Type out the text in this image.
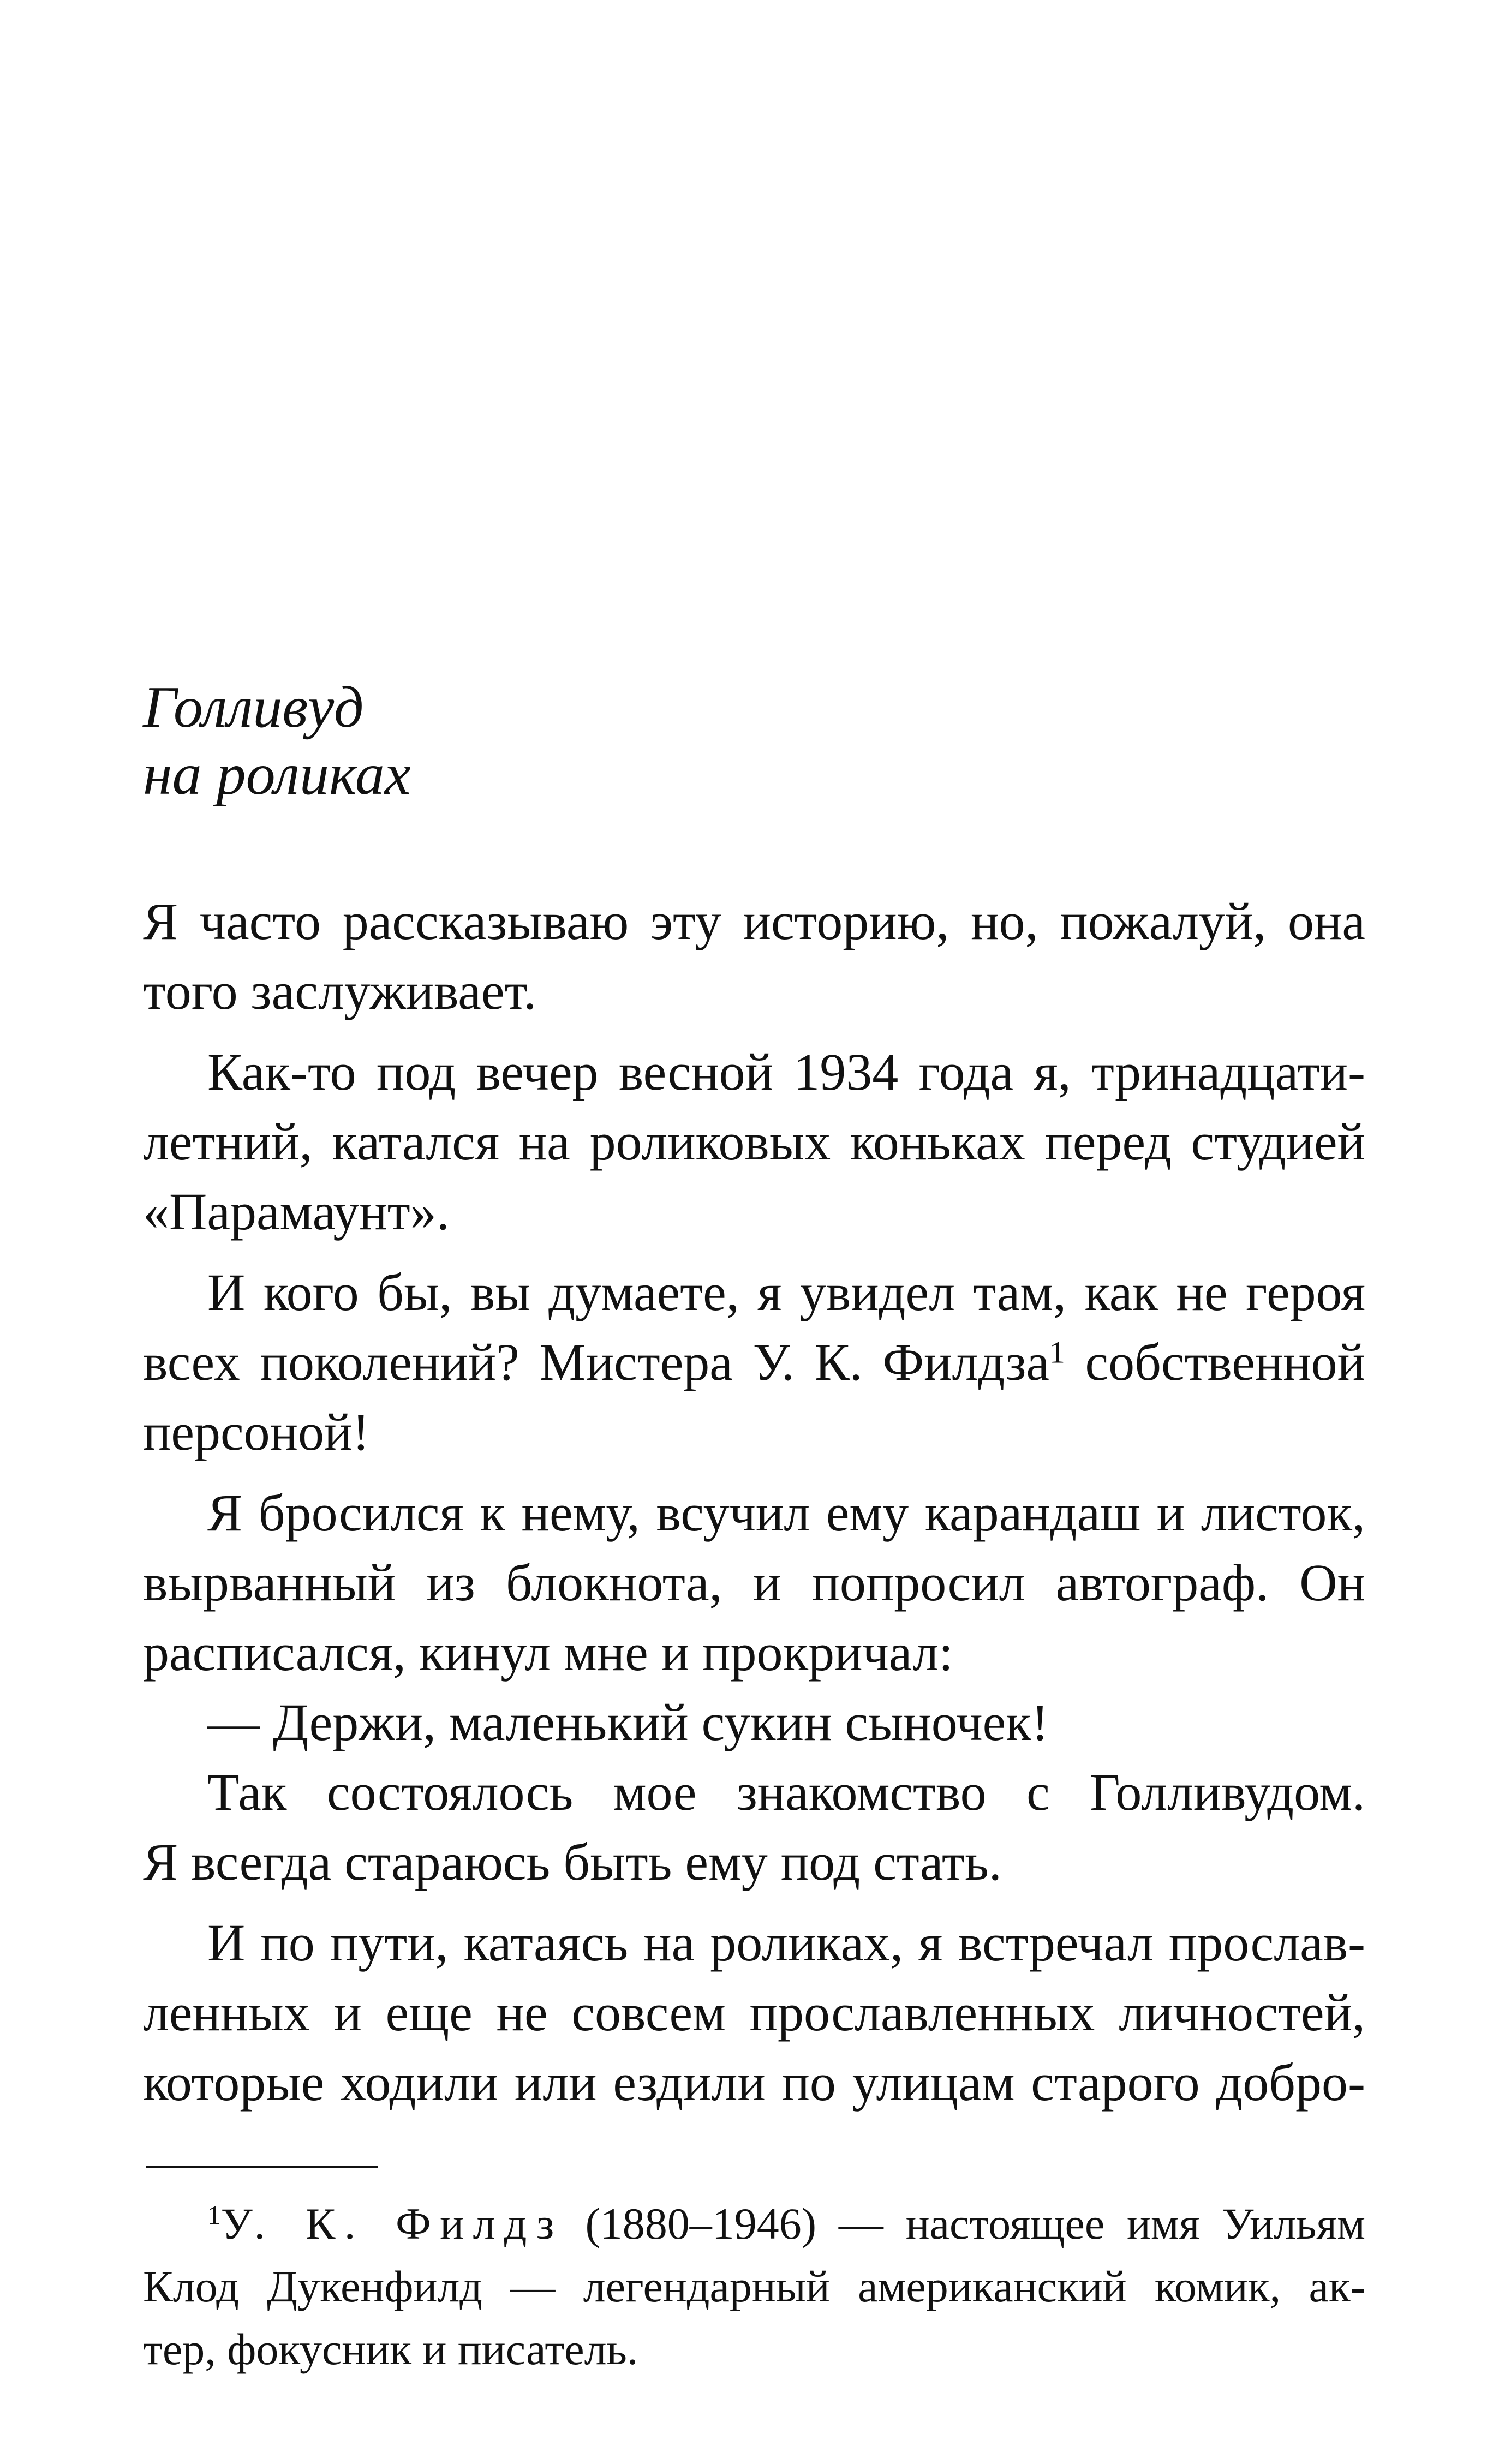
Голливуд
на роликах
Я часто рассказываю эту историю, но, пожалуй, она
того заслуживает.
Как-то под вечер весной 1934 года я, тринадцати-
летний, катался на роликовых коньках перед студией
«Парамаунт».
И кого бы, вы думаете, я увидел там, как не героя
всех поколений? Мистера У. К. Филдза$^1$ собственной
персоной!
Я бросился к нему, всучил ему карандаш и листок,
вырванный из блокнота, и попросил автограф. Он
расписался, кинул мне и прокричал:
— Держи, маленький сукин сыночек!
Так состоялось мое знакомство с Голливудом.
Я всегда стараюсь быть ему под стать.
И по пути, катаясь на роликах, я встречал прослав-
ленных и еще не совсем прославленных личностей,
которые ходили или ездили по улицам старого добро-
$^1$У. К. Филдз (1880–1946) — настоящее имя Уильям
Клод Дукенфилд — легендарный американский комик, ак-
тер, фокусник и писатель.
